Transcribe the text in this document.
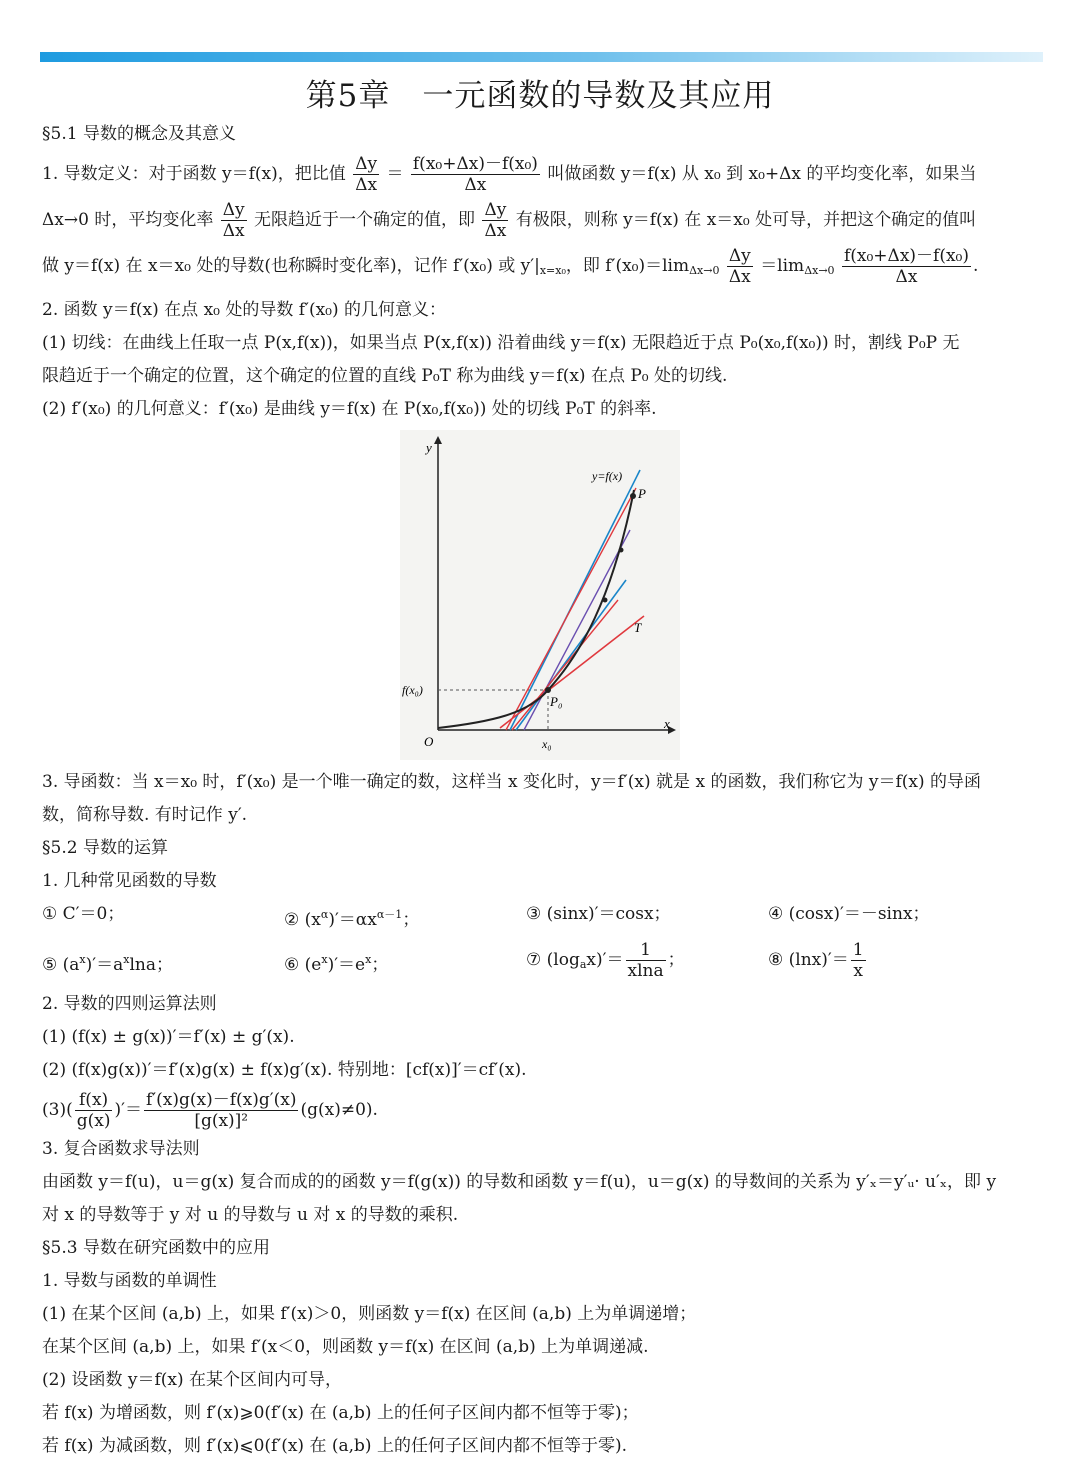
第5章　一元函数的导数及其应用
§5.1 导数的概念及其意义
1. 导数定义：对于函数 y＝f(x)，把比值 $\frac{\Delta y}{\Delta x} = \frac{\text{f(x₀+Δx)－f(x₀)}}{\Delta x}$ 叫做函数 y＝f(x) 从 x₀ 到 x₀+Δx 的平均变化率，如果当
Δx→0 时，平均变化率 $\frac{\Delta y}{\Delta x}$ 无限趋近于一个确定的值，即 $\frac{\Delta y}{\Delta x}$ 有极限，则称 y＝f(x) 在 x＝x₀ 处可导，并把这个确定的值叫
做 y＝f(x) 在 x＝x₀ 处的导数(也称瞬时变化率)，记作 f′(x₀) 或 $y'|_{x=x_0}$，即 $f'(x_0)=\lim_{\Delta x\to 0} \frac{\Delta y}{\Delta x} =\lim_{\Delta x\to 0} \frac{\text{f(x₀+Δx)－f(x₀)}}{\Delta x}$ .
2. 函数 y＝f(x) 在点 x₀ 处的导数 f′(x₀) 的几何意义：
(1) 切线：在曲线上任取一点 P(x,f(x))，如果当点 P(x,f(x)) 沿着曲线 y＝f(x) 无限趋近于点 P₀(x₀,f(x₀)) 时，割线 P₀P 无
限趋近于一个确定的位置，这个确定的位置的直线 P₀T 称为曲线 y＝f(x) 在点 P₀ 处的切线.
(2) f′(x₀) 的几何意义：f′(x₀) 是曲线 y＝f(x) 在 P(x₀,f(x₀)) 处的切线 P₀T 的斜率.
y
x
O
y=f(x)
P
P₀
T
f(x₀)
x₀
3. 导函数：当 x＝x₀ 时，f′(x₀) 是一个唯一确定的数，这样当 x 变化时，y＝f′(x) 就是 x 的函数，我们称它为 y＝f(x) 的导函
数，简称导数. 有时记作 y′.
§5.2 导数的运算
1. 几种常见函数的导数
① C′＝0；	② $(x^\alpha)'=\alpha x^{\alpha-1}$；	③ (sinx)′＝cosx；	④ (cosx)′＝－sinx；
⑤ $(a^x)'=a^x\ln a$；	⑥ $(e^x)'=e^x$；	⑦ $(\log_ax)'= \frac{1}{xlna}$ ；	⑧ $(\ln x)'= \frac{1}{x}$
2. 导数的四则运算法则
(1) (f(x) ± g(x))′＝f′(x) ± g′(x).
(2) (f(x)g(x))′＝f′(x)g(x) ± f(x)g′(x). 特别地：[cf(x)]′＝cf′(x).
$(3)( \frac{f(x)}{g(x)}$ )′＝ $\frac{f'(x)g(x)-f(x)g'(x)}{\text{[g(x)]²}} (g(x)\ne 0)$.
3. 复合函数求导法则
由函数 y＝f(u)，u＝g(x) 复合而成的的函数 y＝f(g(x)) 的导数和函数 y＝f(u)，u＝g(x) 的导数间的关系为 y′ₓ＝y′ᵤ· u′ₓ，即 y
对 x 的导数等于 y 对 u 的导数与 u 对 x 的导数的乘积.
§5.3 导数在研究函数中的应用
1. 导数与函数的单调性
(1) 在某个区间 (a,b) 上，如果 f′(x)＞0，则函数 y＝f(x) 在区间 (a,b) 上为单调递增；
在某个区间 (a,b) 上，如果 f′(x＜0，则函数 y＝f(x) 在区间 (a,b) 上为单调递减.
(2) 设函数 y＝f(x) 在某个区间内可导，
若 f(x) 为增函数，则 f′(x)⩾0(f′(x) 在 (a,b) 上的任何子区间内都不恒等于零)；
若 f(x) 为减函数，则 f′(x)⩽0(f′(x) 在 (a,b) 上的任何子区间内都不恒等于零).
